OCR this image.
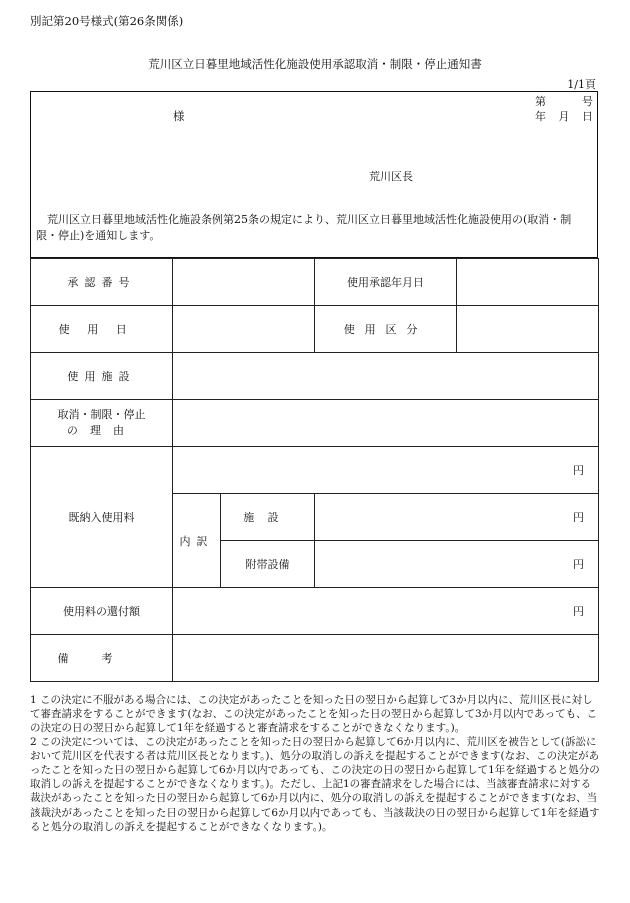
別記第20号様式(第26条関係)
荒川区立日暮里地域活性化施設使用承認取消・制限・停止通知書
1/1頁
様
第	号
年 月 日
荒川区長
荒川区立日暮里地域活性化施設条例第25条の規定により、荒川区立日暮里地域活性化施設使用の(取消・制限・停止)を通知します。
承認番号			使用承認年月日	
使用日			使用区分	
使用施設				

取消・制限・停止
の理由				

既納入使用料	円			
	内訳	施設	円	
		附帯設備	円	
使用料の還付額	円			
備考				

1 この決定に不服がある場合には、この決定があったことを知った日の翌日から起算して3か月以内に、荒川区長に対して審査請求をすることができます(なお、この決定があったことを知った日の翌日から起算して3か月以内であっても、この決定の日の翌日から起算して1年を経過すると審査請求をすることができなくなります。)。

2 この決定については、この決定があったことを知った日の翌日から起算して6か月以内に、荒川区を被告として(訴訟において荒川区を代表する者は荒川区長となります。)、処分の取消しの訴えを提起することができます(なお、この決定があったことを知った日の翌日から起算して6か月以内であっても、この決定の日の翌日から起算して1年を経過すると処分の取消しの訴えを提起することができなくなります。)。ただし、上記1の審査請求をした場合には、当該審査請求に対する裁決があったことを知った日の翌日から起算して6か月以内に、処分の取消しの訴えを提起することができます(なお、当該裁決があったことを知った日の翌日から起算して6か月以内であっても、当該裁決の日の翌日から起算して1年を経過すると処分の取消しの訴えを提起することができなくなります。)。
